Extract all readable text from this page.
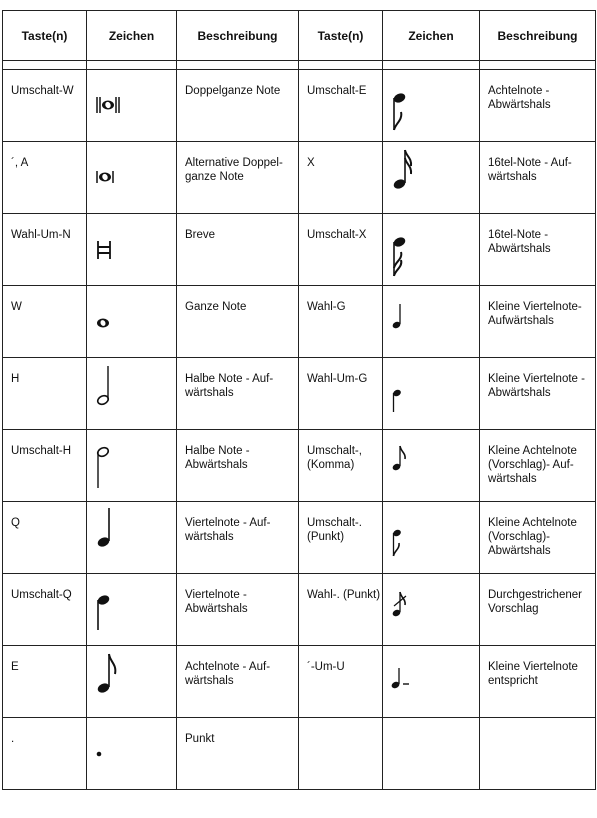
Taste(n)	Zeichen	Beschreibung	Taste(n)	Zeichen	Beschreibung

Umschalt-W		Doppelganze Note	Umschalt-E		Achtelnote - Abwärtshals

´, A		Alternative Doppel-ganze Note	X		16tel-Note - Auf-wärtshals

Wahl-Um-N		Breve	Umschalt-X		16tel-Note - Abwärtshals

W		Ganze Note	Wahl-G		Kleine Viertelnote-Aufwärtshals

H		Halbe Note - Auf-wärtshals	Wahl-Um-G		Kleine Viertelnote - Abwärtshals

Umschalt-H		Halbe Note - Abwärtshals	Umschalt-, (Komma)		Kleine Achtelnote (Vorschlag)- Auf-wärtshals

Q		Viertelnote - Auf-wärtshals	Umschalt-. (Punkt)		Kleine Achtelnote (Vorschlag)-Abwärtshals

Umschalt-Q		Viertelnote - Abwärtshals	Wahl-. (Punkt)		Durchgestrichener Vorschlag

E		Achtelnote - Auf-wärtshals	´-Um-U		Kleine Viertelnote entspricht

.		Punkt			
